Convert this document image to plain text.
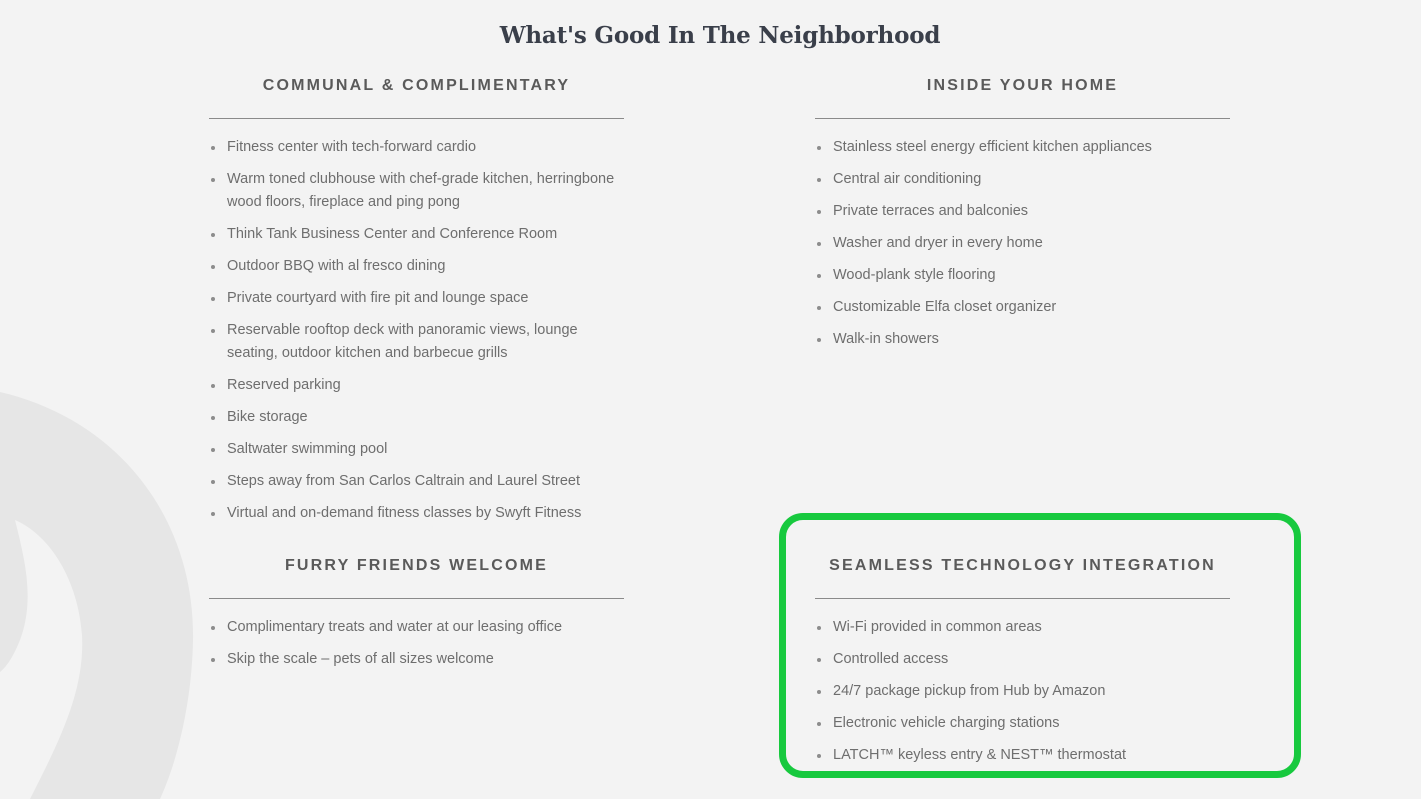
What's Good In The Neighborhood
COMMUNAL & COMPLIMENTARY
Fitness center with tech-forward cardio
Warm toned clubhouse with chef-grade kitchen, herringbone wood floors, fireplace and ping pong
Think Tank Business Center and Conference Room
Outdoor BBQ with al fresco dining
Private courtyard with fire pit and lounge space
Reservable rooftop deck with panoramic views, lounge seating, outdoor kitchen and barbecue grills
Reserved parking
Bike storage
Saltwater swimming pool
Steps away from San Carlos Caltrain and Laurel Street
Virtual and on-demand fitness classes by Swyft Fitness
INSIDE YOUR HOME
Stainless steel energy efficient kitchen appliances
Central air conditioning
Private terraces and balconies
Washer and dryer in every home
Wood-plank style flooring
Customizable Elfa closet organizer
Walk-in showers
FURRY FRIENDS WELCOME
Complimentary treats and water at our leasing office
Skip the scale – pets of all sizes welcome
SEAMLESS TECHNOLOGY INTEGRATION
Wi-Fi provided in common areas
Controlled access
24/7 package pickup from Hub by Amazon
Electronic vehicle charging stations
LATCH™ keyless entry & NEST™ thermostat
